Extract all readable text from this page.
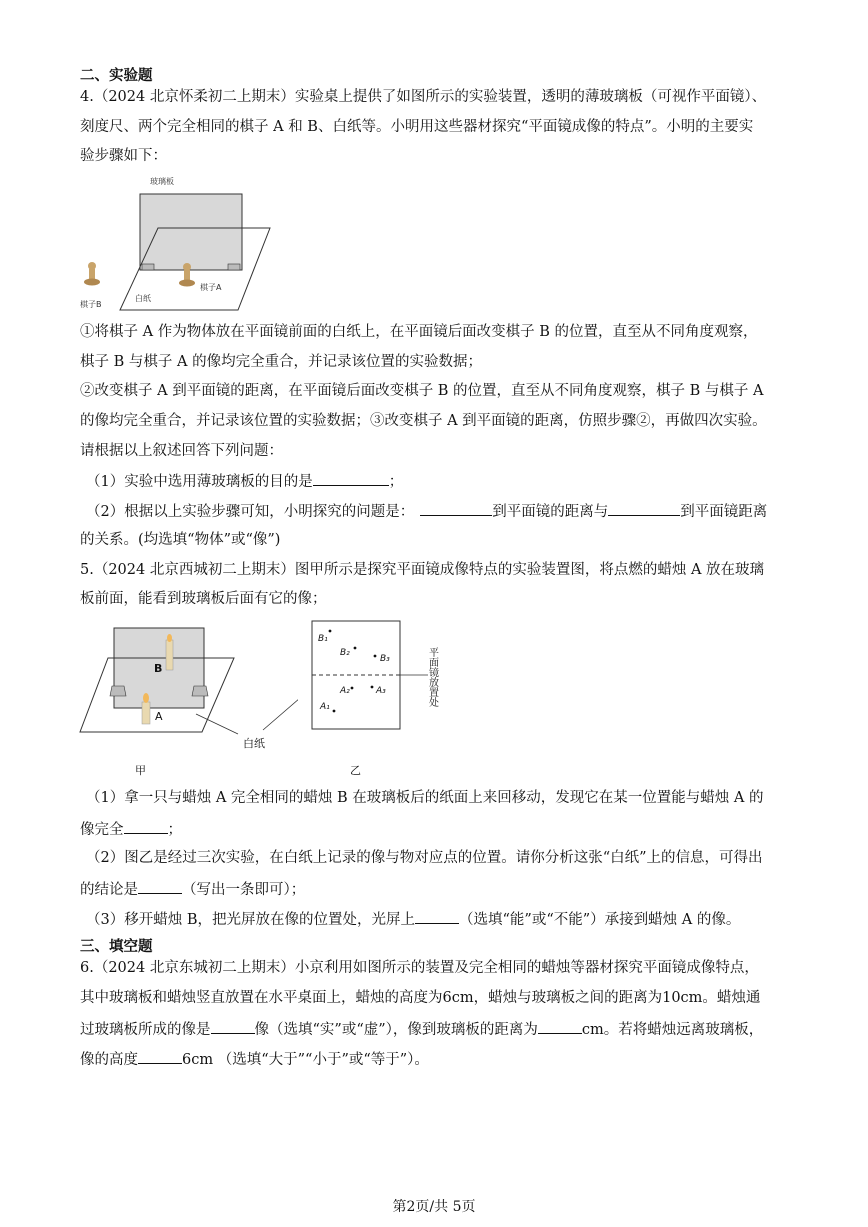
二、实验题
4.（2024 北京怀柔初二上期末）实验桌上提供了如图所示的实验装置，透明的薄玻璃板（可视作平面镜）、
刻度尺、两个完全相同的棋子 A 和 B、白纸等。小明用这些器材探究“平面镜成像的特点”。小明的主要实
验步骤如下：
玻璃板
白纸
棋子A
棋子B
①将棋子 A 作为物体放在平面镜前面的白纸上，在平面镜后面改变棋子 B 的位置，直至从不同角度观察，
棋子 B 与棋子 A 的像均完全重合，并记录该位置的实验数据；
②改变棋子 A 到平面镜的距离，在平面镜后面改变棋子 B 的位置，直至从不同角度观察，棋子 B 与棋子 A
的像均完全重合，并记录该位置的实验数据；③改变棋子 A 到平面镜的距离，仿照步骤②，再做四次实验。
请根据以上叙述回答下列问题：
（1）实验中选用薄玻璃板的目的是	；
（2）根据以上实验步骤可知，小明探究的问题是：	到平面镜的距离与	到平面镜距离
的关系。(均选填“物体”或“像”)
5.（2024 北京西城初二上期末）图甲所示是探究平面镜成像特点的实验装置图，将点燃的蜡烛 A 放在玻璃
板前面，能看到玻璃板后面有它的像；
B
A
白纸
甲
B₁
B₂
B₃
A₁
A₂	A₃	平面镜放置处
乙
（1）拿一只与蜡烛 A 完全相同的蜡烛 B 在玻璃板后的纸面上来回移动，发现它在某一位置能与蜡烛 A 的
像完全	；
（2）图乙是经过三次实验，在白纸上记录的像与物对应点的位置。请你分析这张“白纸”上的信息，可得出
的结论是	（写出一条即可）；
（3）移开蜡烛 B，把光屏放在像的位置处，光屏上	（选填“能”或“不能”）承接到蜡烛 A 的像。
三、填空题
6.（2024 北京东城初二上期末）小京利用如图所示的装置及完全相同的蜡烛等器材探究平面镜成像特点，
其中玻璃板和蜡烛竖直放置在水平桌面上，蜡烛的高度为6cm，蜡烛与玻璃板之间的距离为10cm。蜡烛通
过玻璃板所成的像是	像（选填“实”或“虚”），像到玻璃板的距离为	cm。若将蜡烛远离玻璃板，
像的高度	6cm （选填“大于”“小于”或“等于”）。
第2页/共 5页
